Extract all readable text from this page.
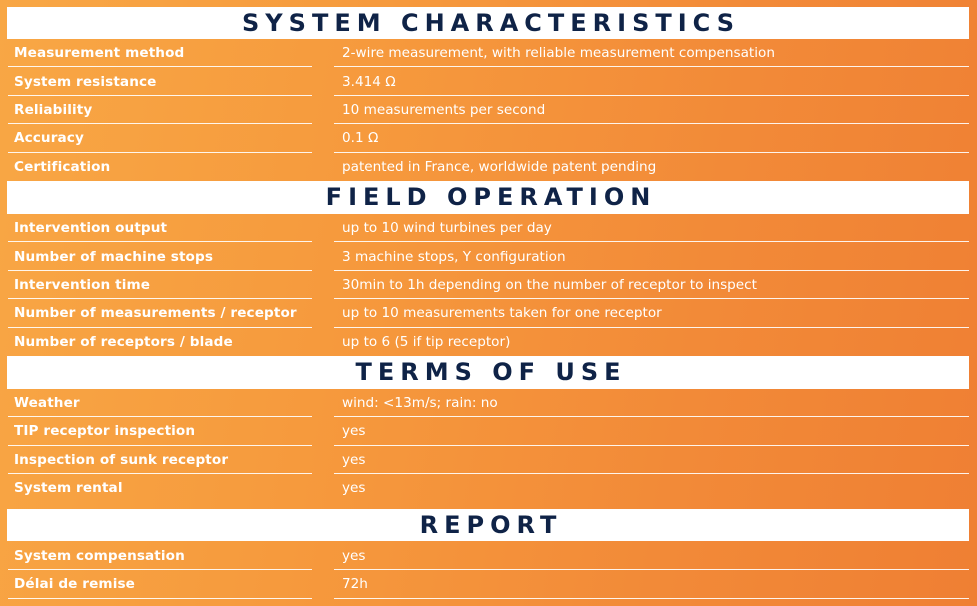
SYSTEM CHARACTERISTICS
Measurement method	2-wire measurement, with reliable measurement compensation
System resistance	3.414 Ω
Reliability	10 measurements per second
Accuracy	0.1 Ω
Certification	patented in France, worldwide patent pending
FIELD OPERATION
Intervention output	up to 10 wind turbines per day
Number of machine stops	3 machine stops, Y configuration
Intervention time	30min to 1h depending on the number of receptor to inspect
Number of measurements / receptor	up to 10 measurements taken for one receptor
Number of receptors / blade	up to 6 (5 if tip receptor)
TERMS OF USE
Weather	wind: <13m/s; rain: no
TIP receptor inspection	yes
Inspection of sunk receptor	yes
System rental	yes
REPORT
System compensation	yes
Délai de remise	72h
